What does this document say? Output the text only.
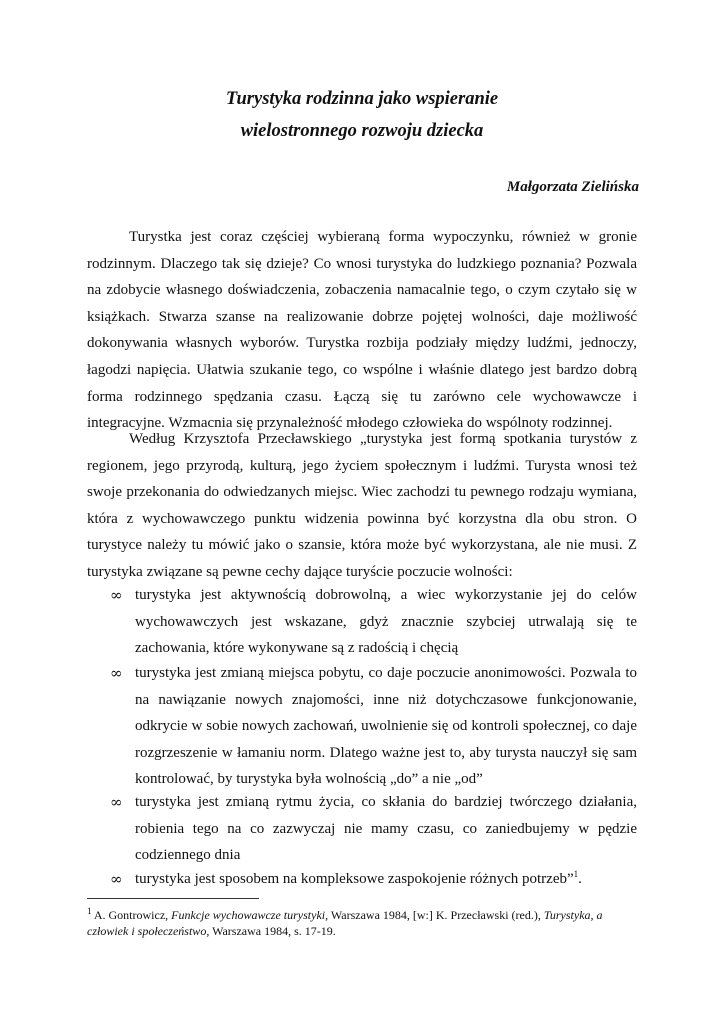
Turystyka rodzinna jako wspieranie
wielostronnego rozwoju dziecka
Małgorzata Zielińska
Turystka jest coraz częściej wybieraną forma wypoczynku, również w gronie rodzinnym. Dlaczego tak się dzieje? Co wnosi turystyka do ludzkiego poznania? Pozwala na zdobycie własnego doświadczenia, zobaczenia namacalnie tego, o czym czytało się w książkach. Stwarza szanse na realizowanie dobrze pojętej wolności, daje możliwość dokonywania własnych wyborów. Turystka rozbija podziały między ludźmi, jednoczy, łagodzi napięcia. Ułatwia szukanie tego, co wspólne i właśnie dlatego jest bardzo dobrą forma rodzinnego spędzania czasu. Łączą się tu zarówno cele wychowawcze i integracyjne. Wzmacnia się przynależność młodego człowieka do wspólnoty rodzinnej.
Według Krzysztofa Przecławskiego „turystyka jest formą spotkania turystów z regionem, jego przyrodą, kulturą, jego życiem społecznym i ludźmi. Turysta wnosi też swoje przekonania do odwiedzanych miejsc. Wiec zachodzi tu pewnego rodzaju wymiana, która z wychowawczego punktu widzenia powinna być korzystna dla obu stron. O turystyce należy tu mówić jako o szansie, która może być wykorzystana, ale nie musi. Z turystyka związane są pewne cechy dające turyście poczucie wolności:
∞ turystyka jest aktywnością dobrowolną, a wiec wykorzystanie jej do celów wychowawczych jest wskazane, gdyż znacznie szybciej utrwalają się te zachowania, które wykonywane są z radością i chęcią
∞ turystyka jest zmianą miejsca pobytu, co daje poczucie anonimowości. Pozwala to na nawiązanie nowych znajomości, inne niż dotychczasowe funkcjonowanie, odkrycie w sobie nowych zachowań, uwolnienie się od kontroli społecznej, co daje rozgrzeszenie w łamaniu norm. Dlatego ważne jest to, aby turysta nauczył się sam kontrolować, by turystyka była wolnością „do” a nie „od”
∞ turystyka jest zmianą rytmu życia, co skłania do bardziej twórczego działania, robienia tego na co zazwyczaj nie mamy czasu, co zaniedbujemy w pędzie codziennego dnia
∞ turystyka jest sposobem na kompleksowe zaspokojenie różnych potrzeb”$^1$.
$^1$ A. Gontrowicz, Funkcje wychowawcze turystyki, Warszawa 1984, [w:] K. Przecławski (red.), Turystyka, a człowiek i społeczeństwo, Warszawa 1984, s. 17-19.
